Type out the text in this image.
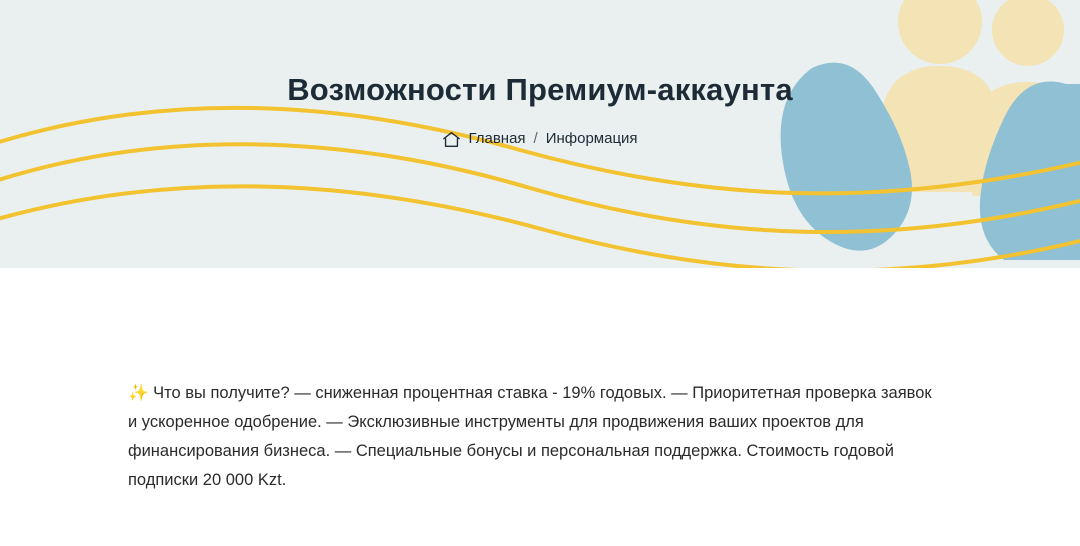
Возможности Премиум-аккаунта
Главная / Информация

✨ Что вы получите? — сниженная процентная ставка - 19% годовых. — Приоритетная проверка заявок и ускоренное одобрение. — Эксклюзивные инструменты для продвижения ваших проектов для финансирования бизнеса. — Специальные бонусы и персональная поддержка. Стоимость годовой подписки 20 000 Kzt.
